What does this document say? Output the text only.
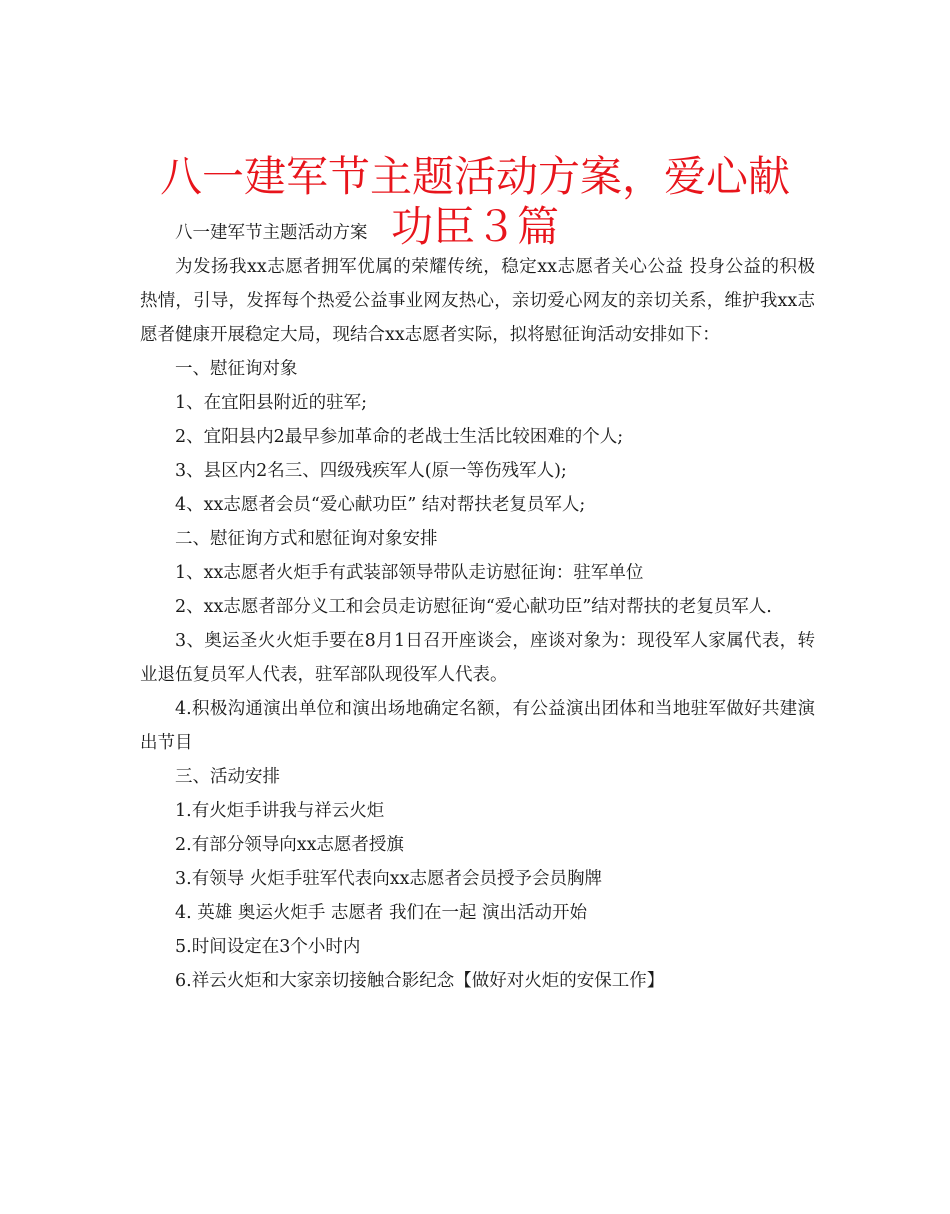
八一建军节主题活动方案，爱心献功臣３篇

八一建军节主题活动方案

为发扬我xx志愿者拥军优属的荣耀传统，稳定xx志愿者关心公益 投身公益的积极热情，引导，发挥每个热爱公益事业网友热心，亲切爱心网友的亲切关系，维护我xx志愿者健康开展稳定大局，现结合xx志愿者实际，拟将慰征询活动安排如下：

一、慰征询对象

1、在宜阳县附近的驻军;

2、宜阳县内2最早参加革命的老战士生活比较困难的个人;

3、县区内2名三、四级残疾军人(原一等伤残军人);

4、xx志愿者会员“爱心献功臣” 结对帮扶老复员军人;

二、慰征询方式和慰征询对象安排

1、xx志愿者火炬手有武装部领导带队走访慰征询：驻军单位

2、xx志愿者部分义工和会员走访慰征询“爱心献功臣”结对帮扶的老复员军人.

3、奥运圣火火炬手要在8月1日召开座谈会，座谈对象为：现役军人家属代表，转业退伍复员军人代表，驻军部队现役军人代表。

4.积极沟通演出单位和演出场地确定名额，有公益演出团体和当地驻军做好共建演出节目

三、活动安排

1.有火炬手讲我与祥云火炬

2.有部分领导向xx志愿者授旗

3.有领导 火炬手驻军代表向xx志愿者会员授予会员胸牌

4. 英雄 奥运火炬手 志愿者 我们在一起 演出活动开始

5.时间设定在3个小时内

6.祥云火炬和大家亲切接触合影纪念【做好对火炬的安保工作】
